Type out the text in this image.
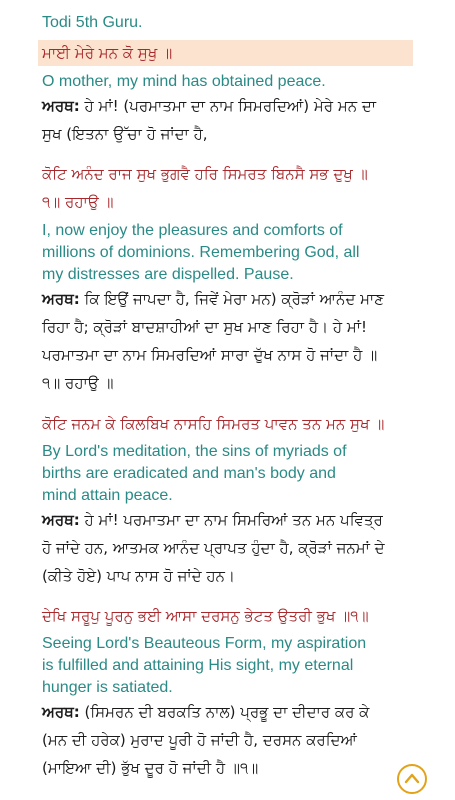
Todi 5th Guru.
ਮਾਈ ਮੇਰੇ ਮਨ ਕੋ ਸੁਖੁ ॥
O mother, my mind has obtained peace.
ਅਰਥ: ਹੇ ਮਾਂ! (ਪਰਮਾਤਮਾ ਦਾ ਨਾਮ ਸਿਮਰਦਿਆਂ) ਮੇਰੇ ਮਨ ਦਾ
ਸੁਖ (ਇਤਨਾ ਉੱਚਾ ਹੋ ਜਾਂਦਾ ਹੈ,
ਕੋਟਿ ਅਨੰਦ ਰਾਜ ਸੁਖ ਭੁਗਵੈ ਹਰਿ ਸਿਮਰਤ ਬਿਨਸੈ ਸਭ ਦੁਖੁ ॥
੧॥ ਰਹਾਉ ॥
I, now enjoy the pleasures and comforts of
millions of dominions. Remembering God, all
my distresses are dispelled. Pause.
ਅਰਥ: ਕਿ ਇਉਂ ਜਾਪਦਾ ਹੈ, ਜਿਵੇਂ ਮੇਰਾ ਮਨ) ਕ੍ਰੋੜਾਂ ਆਨੰਦ ਮਾਣ
ਰਿਹਾ ਹੈ; ਕ੍ਰੋੜਾਂ ਬਾਦਸ਼ਾਹੀਆਂ ਦਾ ਸੁਖ ਮਾਣ ਰਿਹਾ ਹੈ। ਹੇ ਮਾਂ!
ਪਰਮਾਤਮਾ ਦਾ ਨਾਮ ਸਿਮਰਦਿਆਂ ਸਾਰਾ ਦੁੱਖ ਨਾਸ ਹੋ ਜਾਂਦਾ ਹੈ ॥
੧॥ ਰਹਾਉ ॥
ਕੋਟਿ ਜਨਮ ਕੇ ਕਿਲਬਿਖ ਨਾਸਹਿ ਸਿਮਰਤ ਪਾਵਨ ਤਨ ਮਨ ਸੁਖ ॥
By Lord's meditation, the sins of myriads of
births are eradicated and man's body and
mind attain peace.
ਅਰਥ: ਹੇ ਮਾਂ! ਪਰਮਾਤਮਾ ਦਾ ਨਾਮ ਸਿਮਰਿਆਂ ਤਨ ਮਨ ਪਵਿਤ੍ਰ
ਹੋ ਜਾਂਦੇ ਹਨ, ਆਤਮਕ ਆਨੰਦ ਪ੍ਰਾਪਤ ਹੁੰਦਾ ਹੈ, ਕ੍ਰੋੜਾਂ ਜਨਮਾਂ ਦੇ
(ਕੀਤੇ ਹੋਏ) ਪਾਪ ਨਾਸ ਹੋ ਜਾਂਦੇ ਹਨ।
ਦੇਖਿ ਸਰੂਪੁ ਪੂਰਨੁ ਭਈ ਆਸਾ ਦਰਸਨੁ ਭੇਟਤ ਉਤਰੀ ਭੁਖ ॥੧॥
Seeing Lord's Beauteous Form, my aspiration
is fulfilled and attaining His sight, my eternal
hunger is satiated.
ਅਰਥ: (ਸਿਮਰਨ ਦੀ ਬਰਕਤਿ ਨਾਲ) ਪ੍ਰਭੂ ਦਾ ਦੀਦਾਰ ਕਰ ਕੇ
(ਮਨ ਦੀ ਹਰੇਕ) ਮੁਰਾਦ ਪੂਰੀ ਹੋ ਜਾਂਦੀ ਹੈ, ਦਰਸਨ ਕਰਦਿਆਂ
(ਮਾਇਆ ਦੀ) ਭੁੱਖ ਦੂਰ ਹੋ ਜਾਂਦੀ ਹੈ ॥੧॥
